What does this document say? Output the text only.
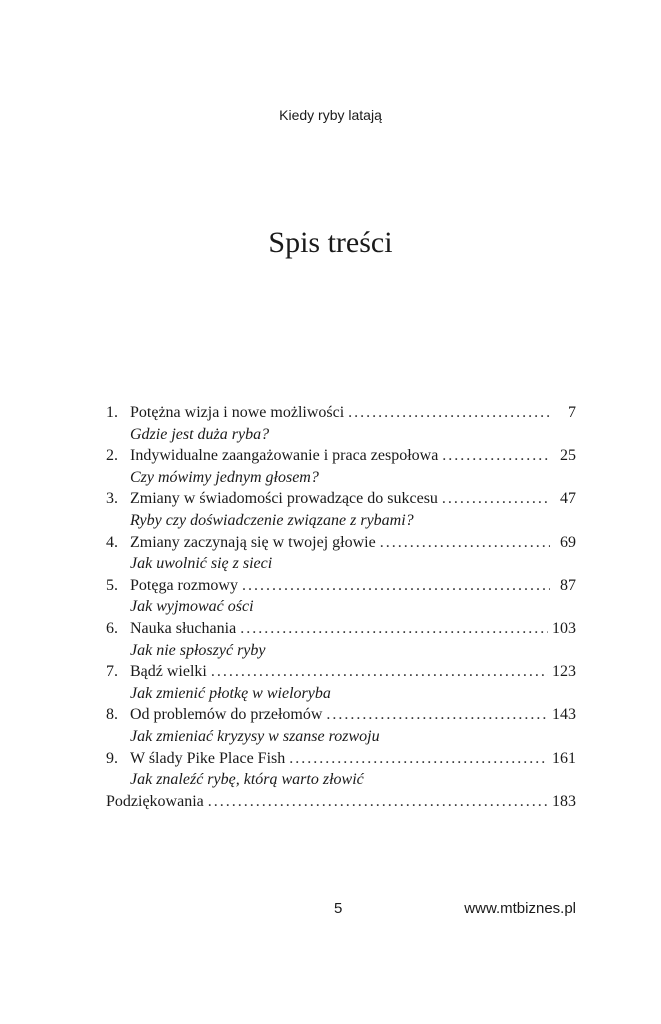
Kiedy ryby latają
Spis treści
1. Potężna wizja i nowe możliwości .....	7
Gdzie jest duża ryba?
2. Indywidualne zaangażowanie i praca zespołowa .....	25
Czy mówimy jednym głosem?
3. Zmiany w świadomości prowadzące do sukcesu .....	47
Ryby czy doświadczenie związane z rybami?
4. Zmiany zaczynają się w twojej głowie .....	69
Jak uwolnić się z sieci
5. Potęga rozmowy .....	87
Jak wyjmować ości
6. Nauka słuchania .....	103
Jak nie spłoszyć ryby
7. Bądź wielki .....	123
Jak zmienić płotkę w wieloryba
8. Od problemów do przełomów .....	143
Jak zmieniać kryzysy w szanse rozwoju
9. W ślady Pike Place Fish .....	161
Jak znaleźć rybę, którą warto złowić
Podziękowania .....	183
5	www.mtbiznes.pl
